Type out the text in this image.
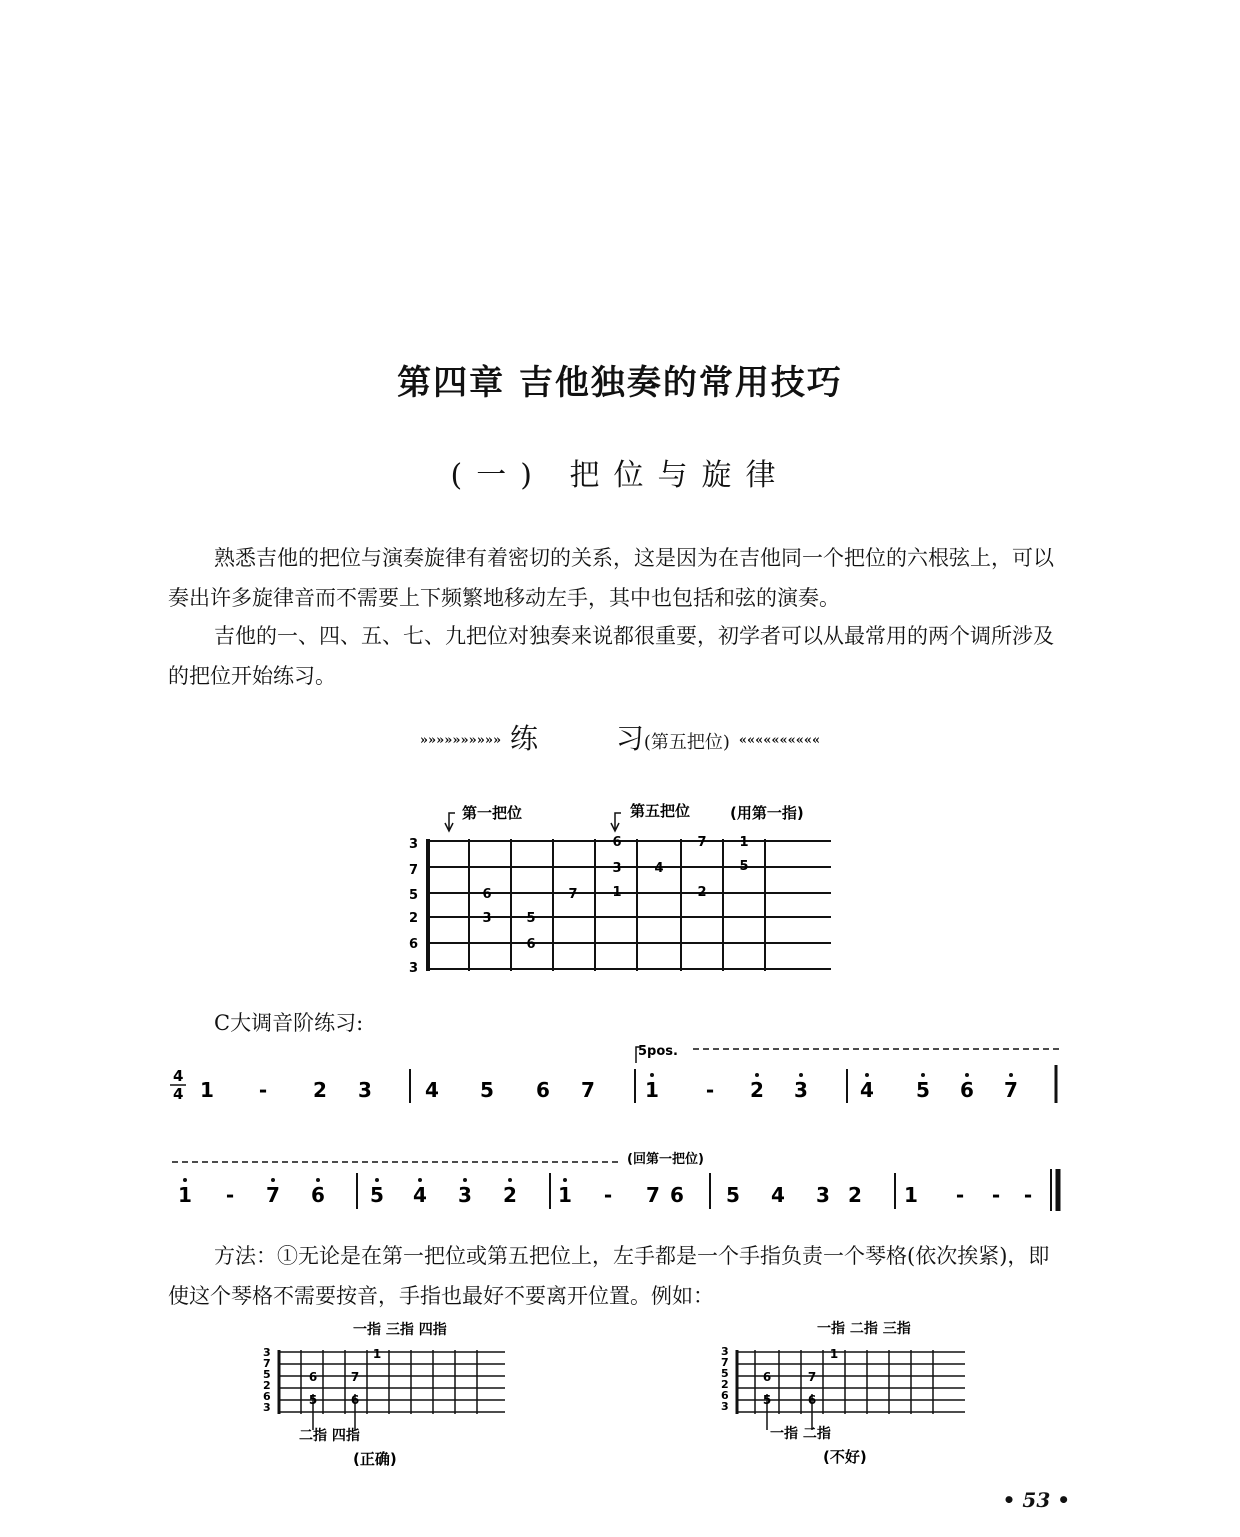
第四章 吉他独奏的常用技巧
(一) 把位与旋律
熟悉吉他的把位与演奏旋律有着密切的关系，这是因为在吉他同一个把位的六根弦上，可以奏出许多旋律音而不需要上下频繁地移动左手，其中也包括和弦的演奏。
吉他的一、四、五、七、九把位对独奏来说都很重要，初学者可以从最常用的两个调所涉及的把位开始练习。
»»»»»»»»»» 练	习(第五把位) ««««««««««
第一把位	第五把位	(用第一指)
3
7
5
2
6
3
6
3	5
6
7
6
3
1
4
7
2
1
5
C大调音阶练习:
5pos.
4
4 1 - 2 3	4 5 6 7	1 - 2 3	4 5 6 7
(回第一把位)
1 - 7 6 5 4 3 2 1 - 7 6 5 4 3 2 1 - - -
方法：①无论是在第一把位或第五把位上，左手都是一个手指负责一个琴格(依次挨紧)，即使这个琴格不需要按音，手指也最好不要离开位置。例如：
一指 三指 四指
3
7
5
2
6
3
6	7
1
5	6
二指 四指
(正确)
一指 二指 三指
3
7
5
2
6
3
6	7
1
5	6
一指 二指
(不好)
• 53 •
